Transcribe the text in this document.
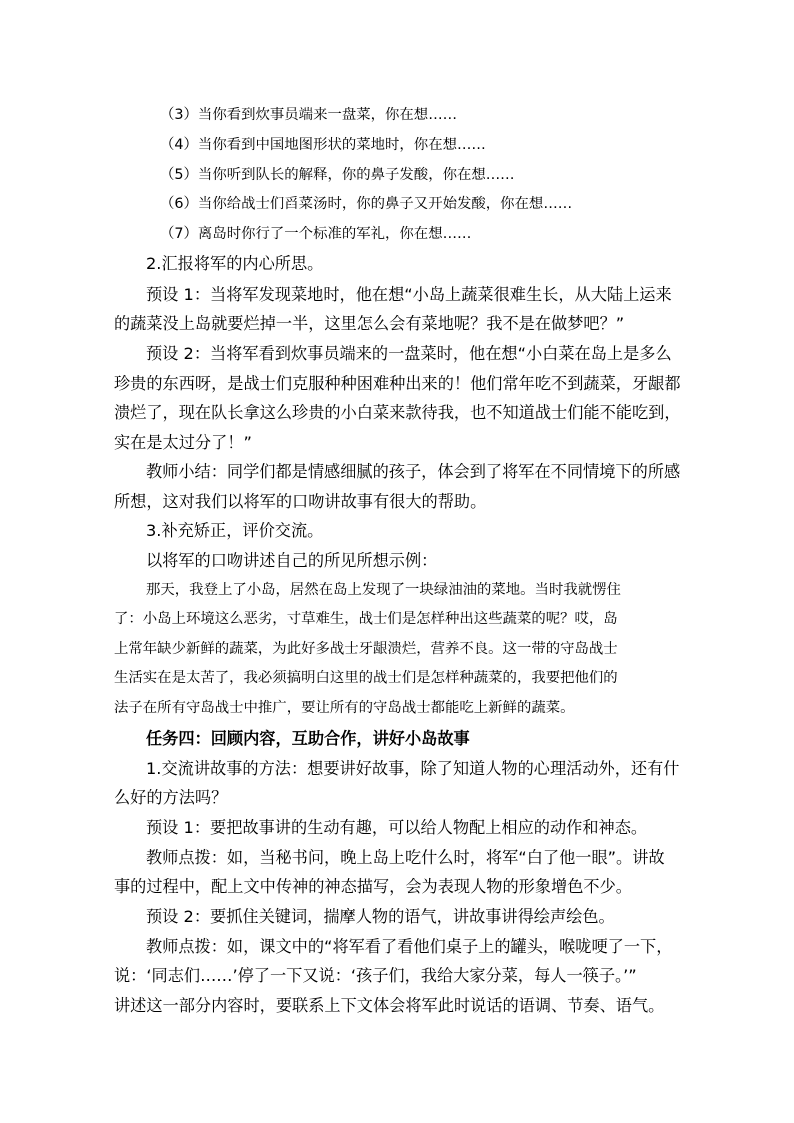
（3）当你看到炊事员端来一盘菜，你在想……
（4）当你看到中国地图形状的菜地时，你在想……
（5）当你听到队长的解释，你的鼻子发酸，你在想……
（6）当你给战士们舀菜汤时，你的鼻子又开始发酸，你在想……
（7）离岛时你行了一个标准的军礼，你在想……
2.汇报将军的内心所思。
预设 1：当将军发现菜地时，他在想“小岛上蔬菜很难生长，从大陆上运来
的蔬菜没上岛就要烂掉一半，这里怎么会有菜地呢？我不是在做梦吧？”
预设 2：当将军看到炊事员端来的一盘菜时，他在想“小白菜在岛上是多么
珍贵的东西呀，是战士们克服种种困难种出来的！他们常年吃不到蔬菜，牙龈都
溃烂了，现在队长拿这么珍贵的小白菜来款待我，也不知道战士们能不能吃到，
实在是太过分了！”
教师小结：同学们都是情感细腻的孩子，体会到了将军在不同情境下的所感
所想，这对我们以将军的口吻讲故事有很大的帮助。
3.补充矫正，评价交流。
以将军的口吻讲述自己的所见所想示例：
那天，我登上了小岛，居然在岛上发现了一块绿油油的菜地。当时我就愣住
了：小岛上环境这么恶劣，寸草难生，战士们是怎样种出这些蔬菜的呢？哎，岛
上常年缺少新鲜的蔬菜，为此好多战士牙龈溃烂，营养不良。这一带的守岛战士
生活实在是太苦了，我必须搞明白这里的战士们是怎样种蔬菜的，我要把他们的
法子在所有守岛战士中推广，要让所有的守岛战士都能吃上新鲜的蔬菜。
任务四：回顾内容，互助合作，讲好小岛故事
1.交流讲故事的方法：想要讲好故事，除了知道人物的心理活动外，还有什
么好的方法吗？
预设 1：要把故事讲的生动有趣，可以给人物配上相应的动作和神态。
教师点拨：如，当秘书问，晚上岛上吃什么时，将军“白了他一眼”。讲故
事的过程中，配上文中传神的神态描写，会为表现人物的形象增色不少。
预设 2：要抓住关键词，揣摩人物的语气，讲故事讲得绘声绘色。
教师点拨：如，课文中的“将军看了看他们桌子上的罐头，喉咙哽了一下，
说：‘同志们……’停了一下又说：‘孩子们，我给大家分菜，每人一筷子。’”
讲述这一部分内容时，要联系上下文体会将军此时说话的语调、节奏、语气。
